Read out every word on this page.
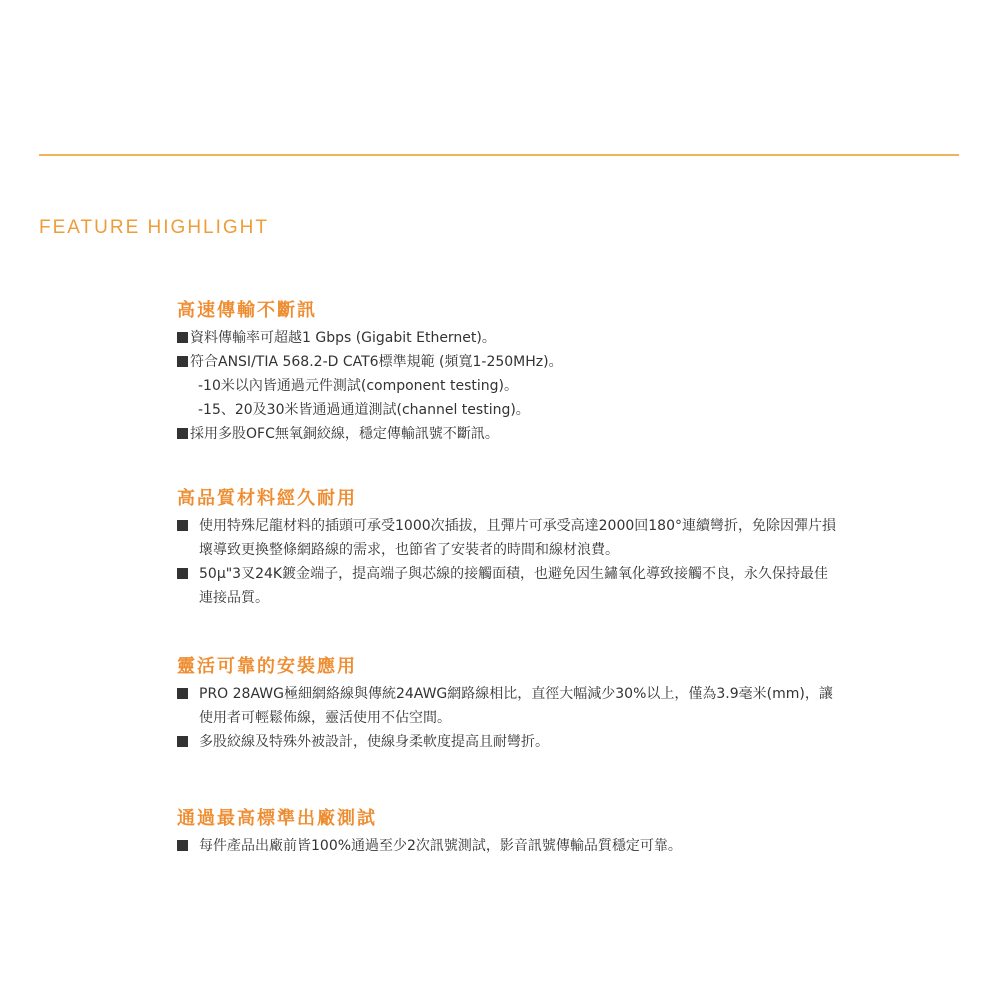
FEATURE HIGHLIGHT
高速傳輸不斷訊
資料傳輸率可超越1 Gbps (Gigabit Ethernet)。
符合ANSI/TIA 568.2-D CAT6標準規範 (頻寬1-250MHz)。
-10米以內皆通過元件測試(component testing)。
-15、20及30米皆通過通道測試(channel testing)。
採用多股OFC無氧銅絞線，穩定傳輸訊號不斷訊。
高品質材料經久耐用
使用特殊尼龍材料的插頭可承受1000次插拔，且彈片可承受高達2000回180°連續彎折，免除因彈片損壞導致更換整條網路線的需求，也節省了安裝者的時間和線材浪費。
50µ"3叉24K鍍金端子，提高端子與芯線的接觸面積，也避免因生鏽氧化導致接觸不良，永久保持最佳連接品質。
靈活可靠的安裝應用
PRO 28AWG極細網絡線與傳統24AWG網路線相比，直徑大幅減少30%以上，僅為3.9毫米(mm)，讓使用者可輕鬆佈線，靈活使用不佔空間。
多股絞線及特殊外被設計，使線身柔軟度提高且耐彎折。
通過最高標準出廠測試
每件產品出廠前皆100%通過至少2次訊號測試，影音訊號傳輸品質穩定可靠。
